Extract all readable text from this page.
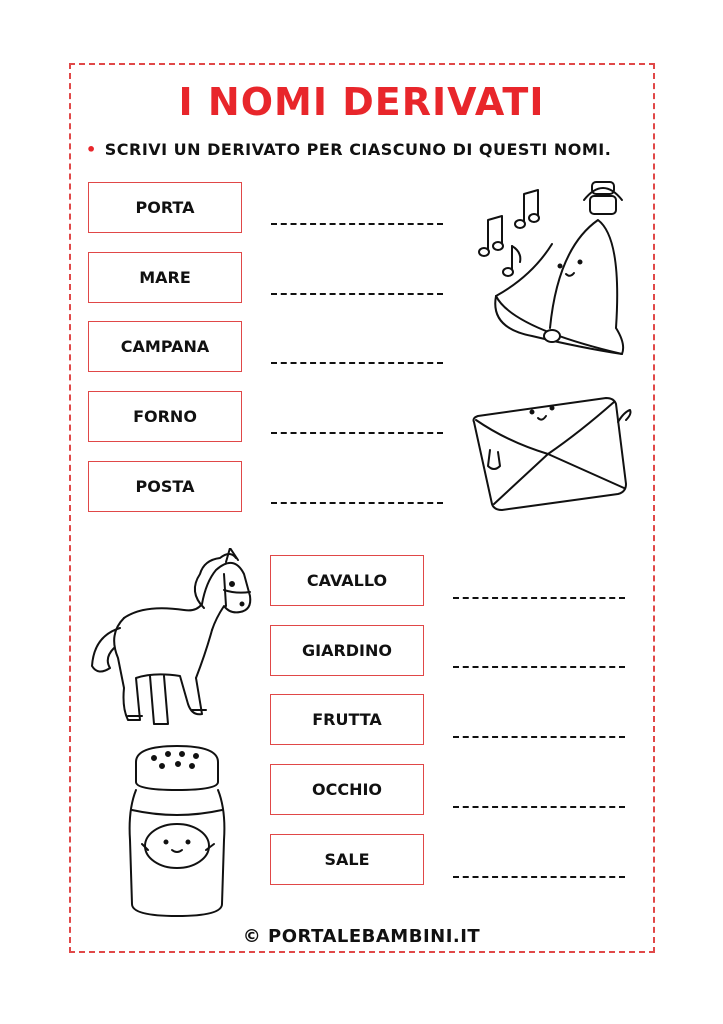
I NOMI DERIVATI
• SCRIVI UN DERIVATO PER CIASCUNO DI QUESTI NOMI.
PORTA
MARE
CAMPANA
FORNO
POSTA
CAVALLO
GIARDINO
FRUTTA
OCCHIO
SALE
© PORTALEBAMBINI.IT
